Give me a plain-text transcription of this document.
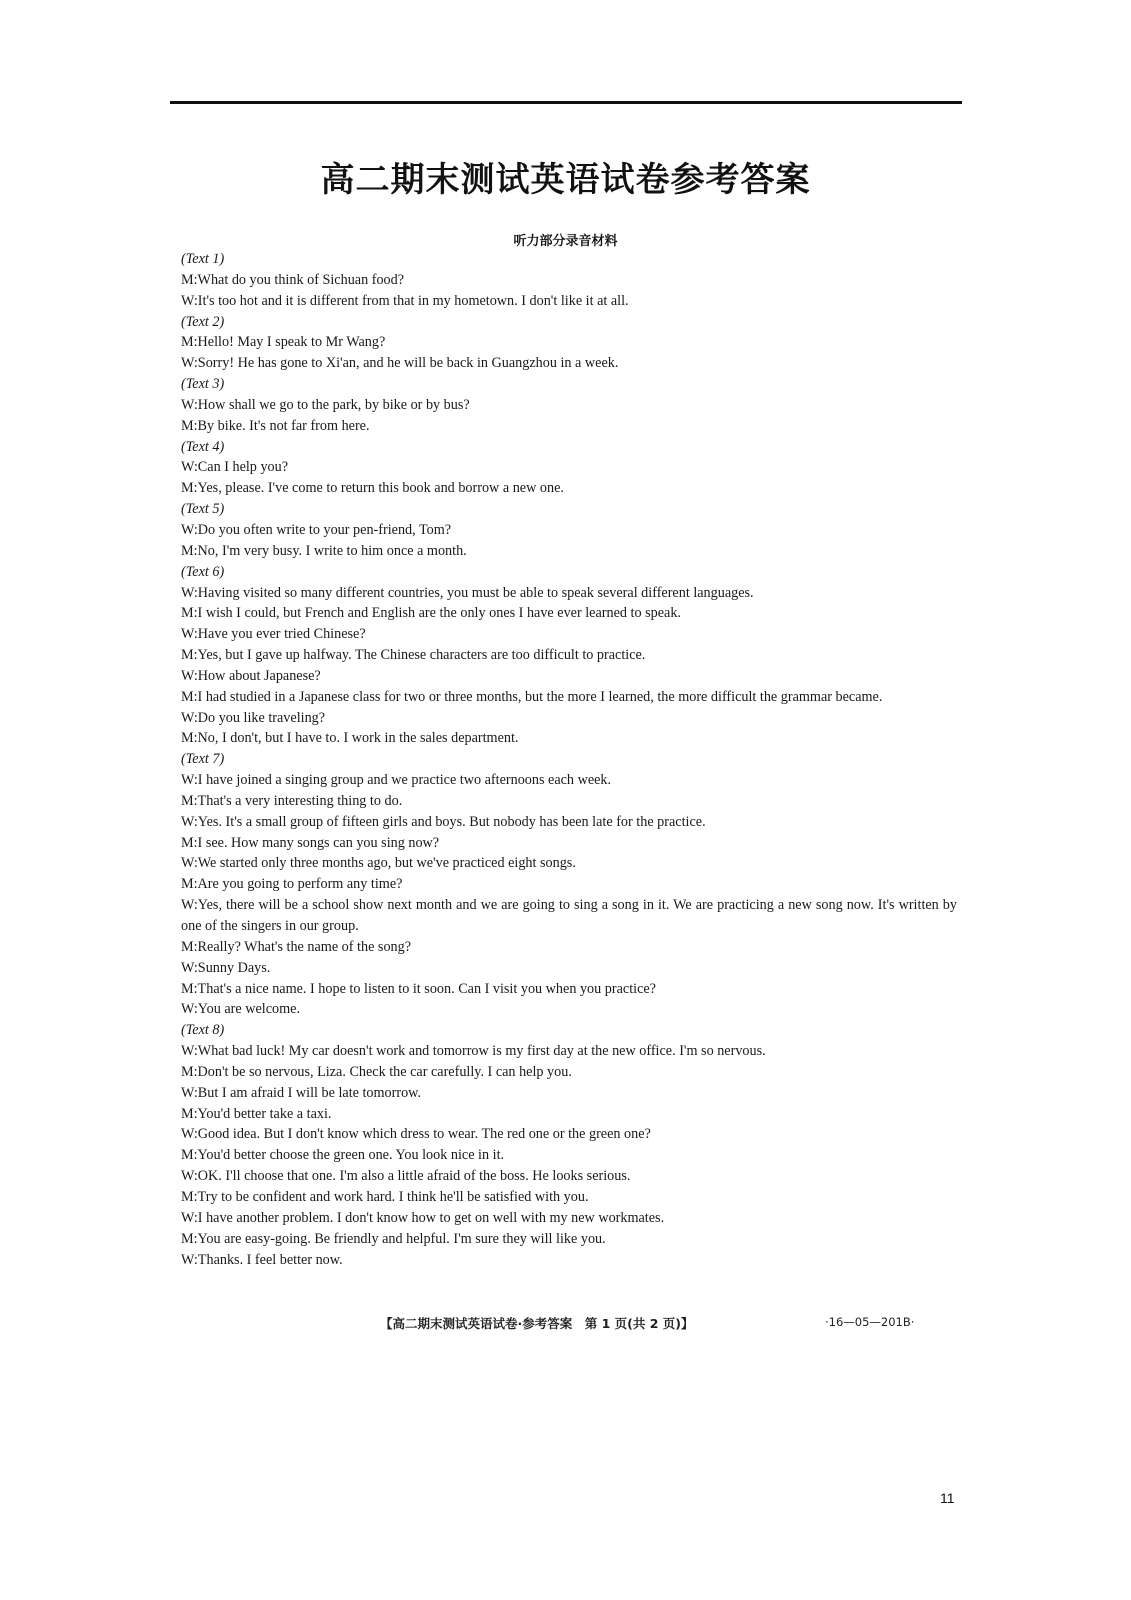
高二期末测试英语试卷参考答案
听力部分录音材料
(Text 1)
M:What do you think of Sichuan food?
W:It's too hot and it is different from that in my hometown. I don't like it at all.
(Text 2)
M:Hello! May I speak to Mr Wang?
W:Sorry! He has gone to Xi'an, and he will be back in Guangzhou in a week.
(Text 3)
W:How shall we go to the park, by bike or by bus?
M:By bike. It's not far from here.
(Text 4)
W:Can I help you?
M:Yes, please. I've come to return this book and borrow a new one.
(Text 5)
W:Do you often write to your pen-friend, Tom?
M:No, I'm very busy. I write to him once a month.
(Text 6)
W:Having visited so many different countries, you must be able to speak several different languages.
M:I wish I could, but French and English are the only ones I have ever learned to speak.
W:Have you ever tried Chinese?
M:Yes, but I gave up halfway. The Chinese characters are too difficult to practice.
W:How about Japanese?
M:I had studied in a Japanese class for two or three months, but the more I learned, the more difficult the grammar became.
W:Do you like traveling?
M:No, I don't, but I have to. I work in the sales department.
(Text 7)
W:I have joined a singing group and we practice two afternoons each week.
M:That's a very interesting thing to do.
W:Yes. It's a small group of fifteen girls and boys. But nobody has been late for the practice.
M:I see. How many songs can you sing now?
W:We started only three months ago, but we've practiced eight songs.
M:Are you going to perform any time?
W:Yes, there will be a school show next month and we are going to sing a song in it. We are practicing a new song now. It's written by one of the singers in our group.
M:Really? What's the name of the song?
W:Sunny Days.
M:That's a nice name. I hope to listen to it soon. Can I visit you when you practice?
W:You are welcome.
(Text 8)
W:What bad luck! My car doesn't work and tomorrow is my first day at the new office. I'm so nervous.
M:Don't be so nervous, Liza. Check the car carefully. I can help you.
W:But I am afraid I will be late tomorrow.
M:You'd better take a taxi.
W:Good idea. But I don't know which dress to wear. The red one or the green one?
M:You'd better choose the green one. You look nice in it.
W:OK. I'll choose that one. I'm also a little afraid of the boss. He looks serious.
M:Try to be confident and work hard. I think he'll be satisfied with you.
W:I have another problem. I don't know how to get on well with my new workmates.
M:You are easy-going. Be friendly and helpful. I'm sure they will like you.
W:Thanks. I feel better now.
【高二期末测试英语试卷·参考答案　第 1 页(共 2 页)】	·16—05—201B·
11
